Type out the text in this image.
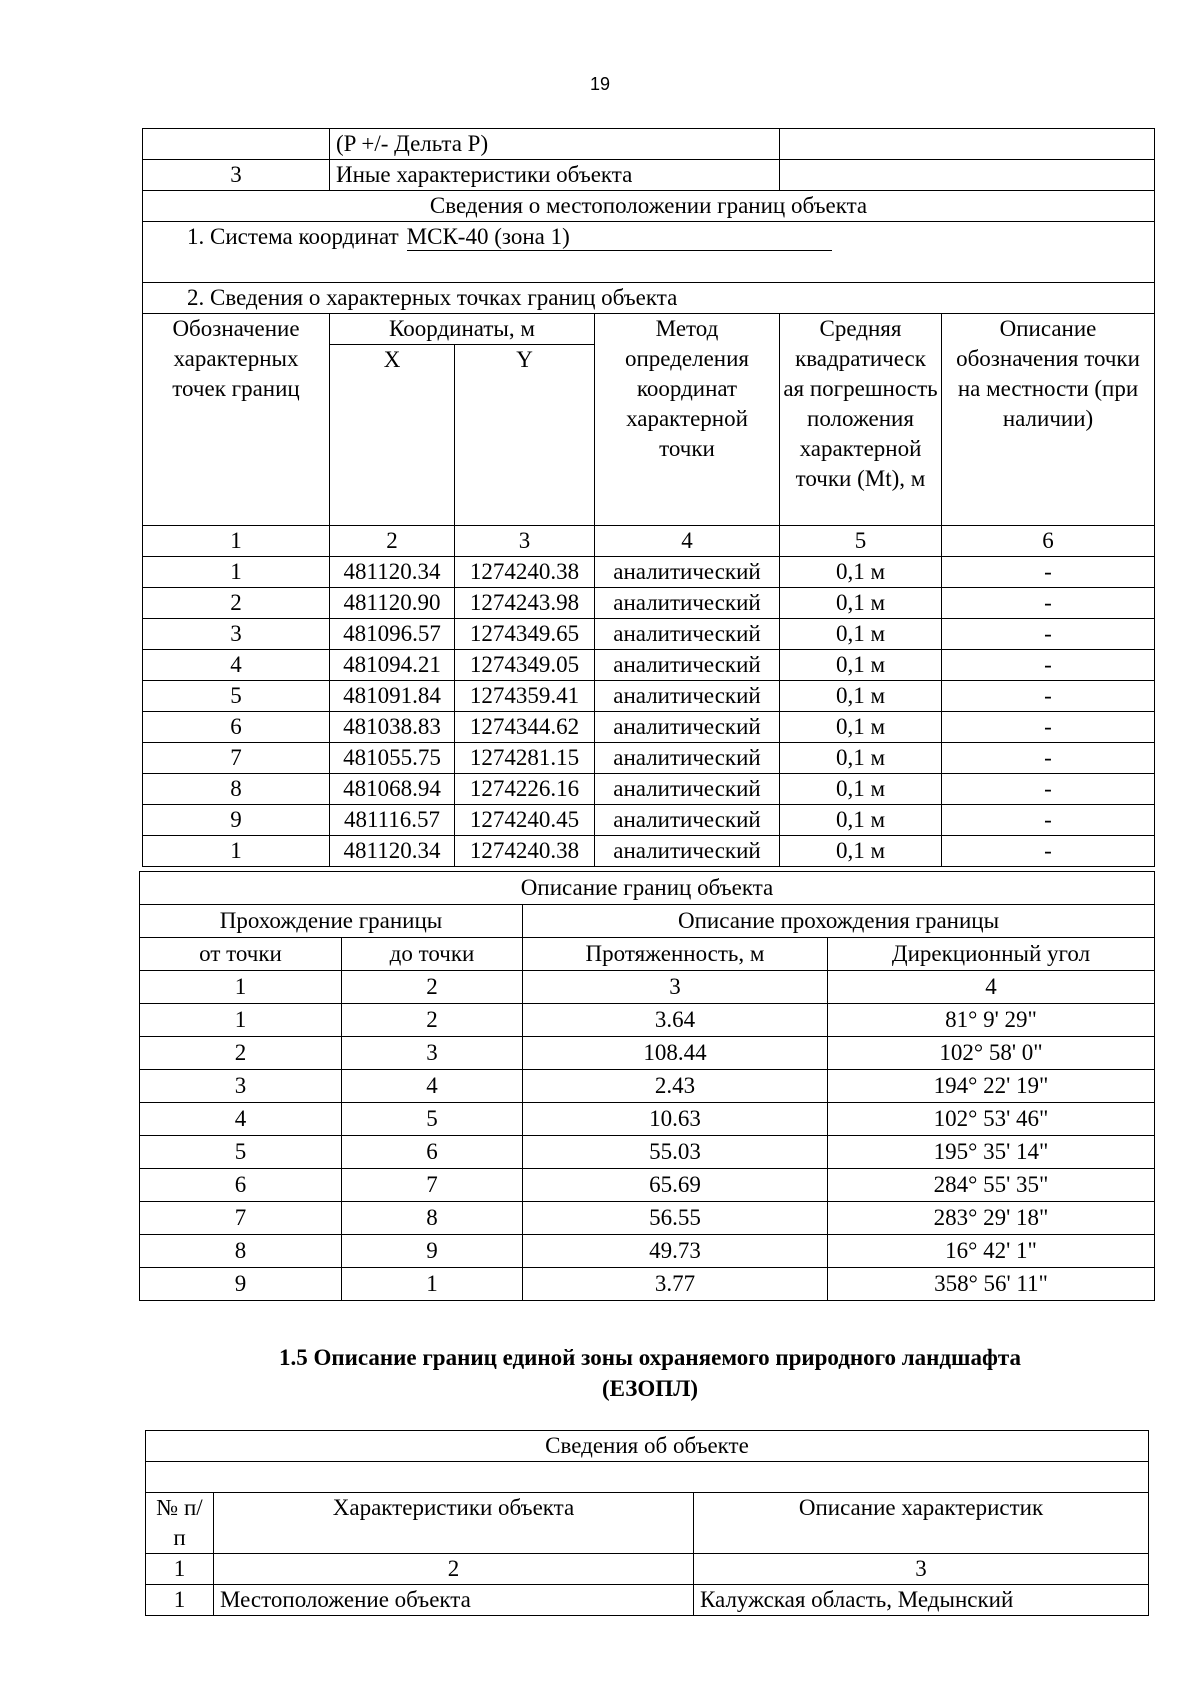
19
	(P +/- Дельта P)				
3	Иные характеристики объекта				
Сведения о местоположении границ объекта					
1. Система координат МСК-40 (зона 1)					
2. Сведения о характерных точках границ объекта					
Обозначение характерных точек границ	Координаты, м		Метод определения координат характерной точки	Средняя квадратическ ая погрешность положения характерной точки (Mt), м	Описание обозначения точки на местности (при наличии)
	X	Y			
1	2	3	4	5	6
1	481120.34	1274240.38	аналитический	0,1 м	-
2	481120.90	1274243.98	аналитический	0,1 м	-
3	481096.57	1274349.65	аналитический	0,1 м	-
4	481094.21	1274349.05	аналитический	0,1 м	-
5	481091.84	1274359.41	аналитический	0,1 м	-
6	481038.83	1274344.62	аналитический	0,1 м	-
7	481055.75	1274281.15	аналитический	0,1 м	-
8	481068.94	1274226.16	аналитический	0,1 м	-
9	481116.57	1274240.45	аналитический	0,1 м	-
1	481120.34	1274240.38	аналитический	0,1 м	-
Описание границ объекта			
Прохождение границы		Описание прохождения границы	
от точки	до точки	Протяженность, м	Дирекционный угол
1	2	3	4
1	2	3.64	81° 9' 29"
2	3	108.44	102° 58' 0"
3	4	2.43	194° 22' 19"
4	5	10.63	102° 53' 46"
5	6	55.03	195° 35' 14"
6	7	65.69	284° 55' 35"
7	8	56.55	283° 29' 18"
8	9	49.73	16° 42' 1"
9	1	3.77	358° 56' 11"
1.5 Описание границ единой зоны охраняемого природного ландшафта
(ЕЗОПЛ)
Сведения об объекте		

№ п/п	Характеристики объекта	Описание характеристик
1	2	3
1	Местоположение объекта	Калужская область, Медынский
